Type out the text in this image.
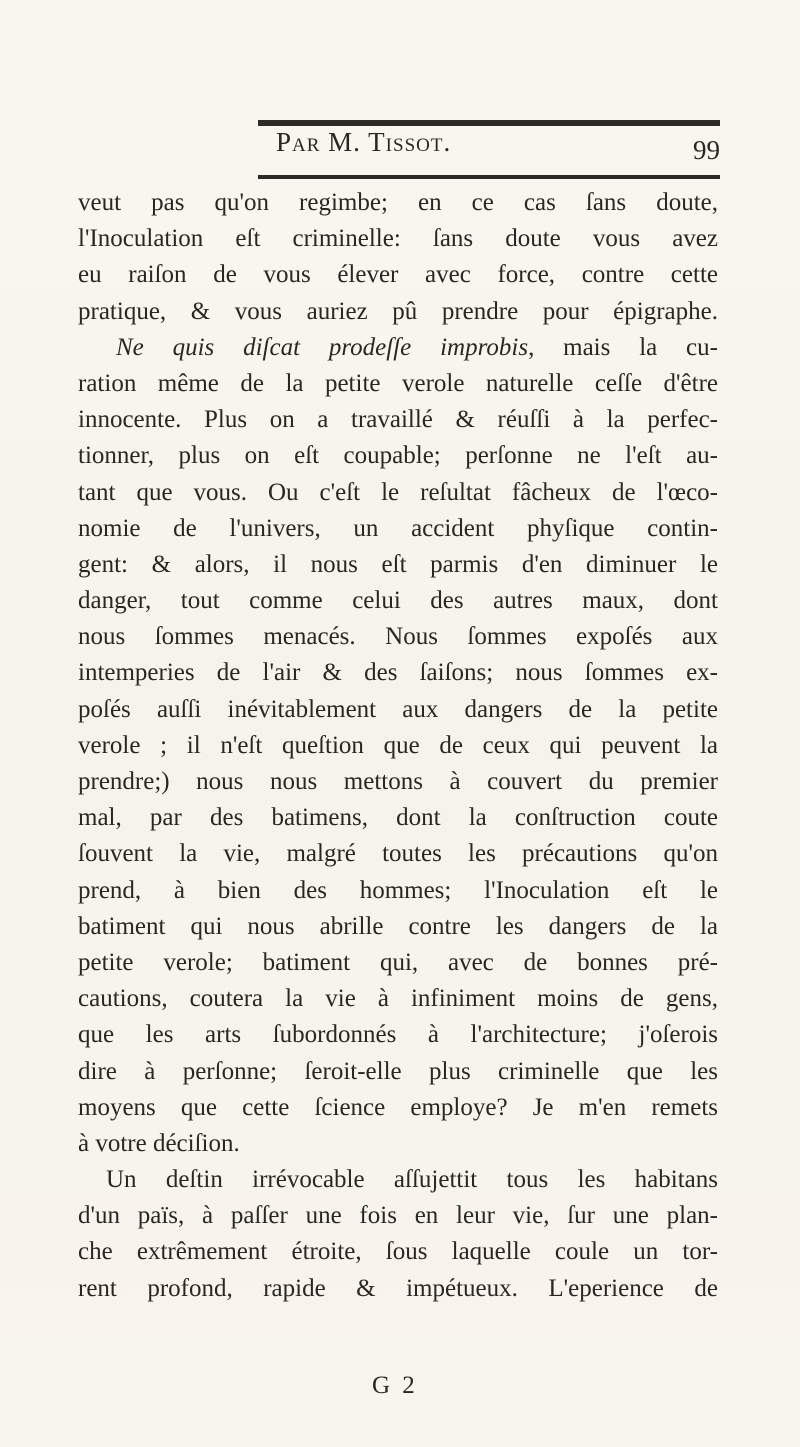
Par M. Tissot.	99
veut pas qu'on regimbe; en ce cas ſans doute,
l'Inoculation eſt criminelle: ſans doute vous avez
eu raiſon de vous élever avec force, contre cette
pratique, & vous auriez pû prendre pour épigraphe.
Ne quis diſcat prodeſſe improbis, mais la cu-
ration même de la petite verole naturelle ceſſe d'être
innocente. Plus on a travaillé & réuſſi à la perfec-
tionner, plus on eſt coupable; perſonne ne l'eſt au-
tant que vous. Ou c'eſt le reſultat fâcheux de l'œco-
nomie de l'univers, un accident phyſique contin-
gent: & alors, il nous eſt parmis d'en diminuer le
danger, tout comme celui des autres maux, dont
nous ſommes menacés. Nous ſommes expoſés aux
intemperies de l'air & des ſaiſons; nous ſommes ex-
poſés auſſi inévitablement aux dangers de la petite
verole ; il n'eſt queſtion que de ceux qui peuvent la
prendre;) nous nous mettons à couvert du premier
mal, par des batimens, dont la conſtruction coute
ſouvent la vie, malgré toutes les précautions qu'on
prend, à bien des hommes; l'Inoculation eſt le
batiment qui nous abrille contre les dangers de la
petite verole; batiment qui, avec de bonnes pré-
cautions, coutera la vie à infiniment moins de gens,
que les arts ſubordonnés à l'architecture; j'oſerois
dire à perſonne; ſeroit-elle plus criminelle que les
moyens que cette ſcience employe? Je m'en remets
à votre déciſion.
Un deſtin irrévocable aſſujettit tous les habitans
d'un païs, à paſſer une fois en leur vie, ſur une plan-
che extrêmement étroite, ſous laquelle coule un tor-
rent profond, rapide & impétueux. L'eperience de
G 2
